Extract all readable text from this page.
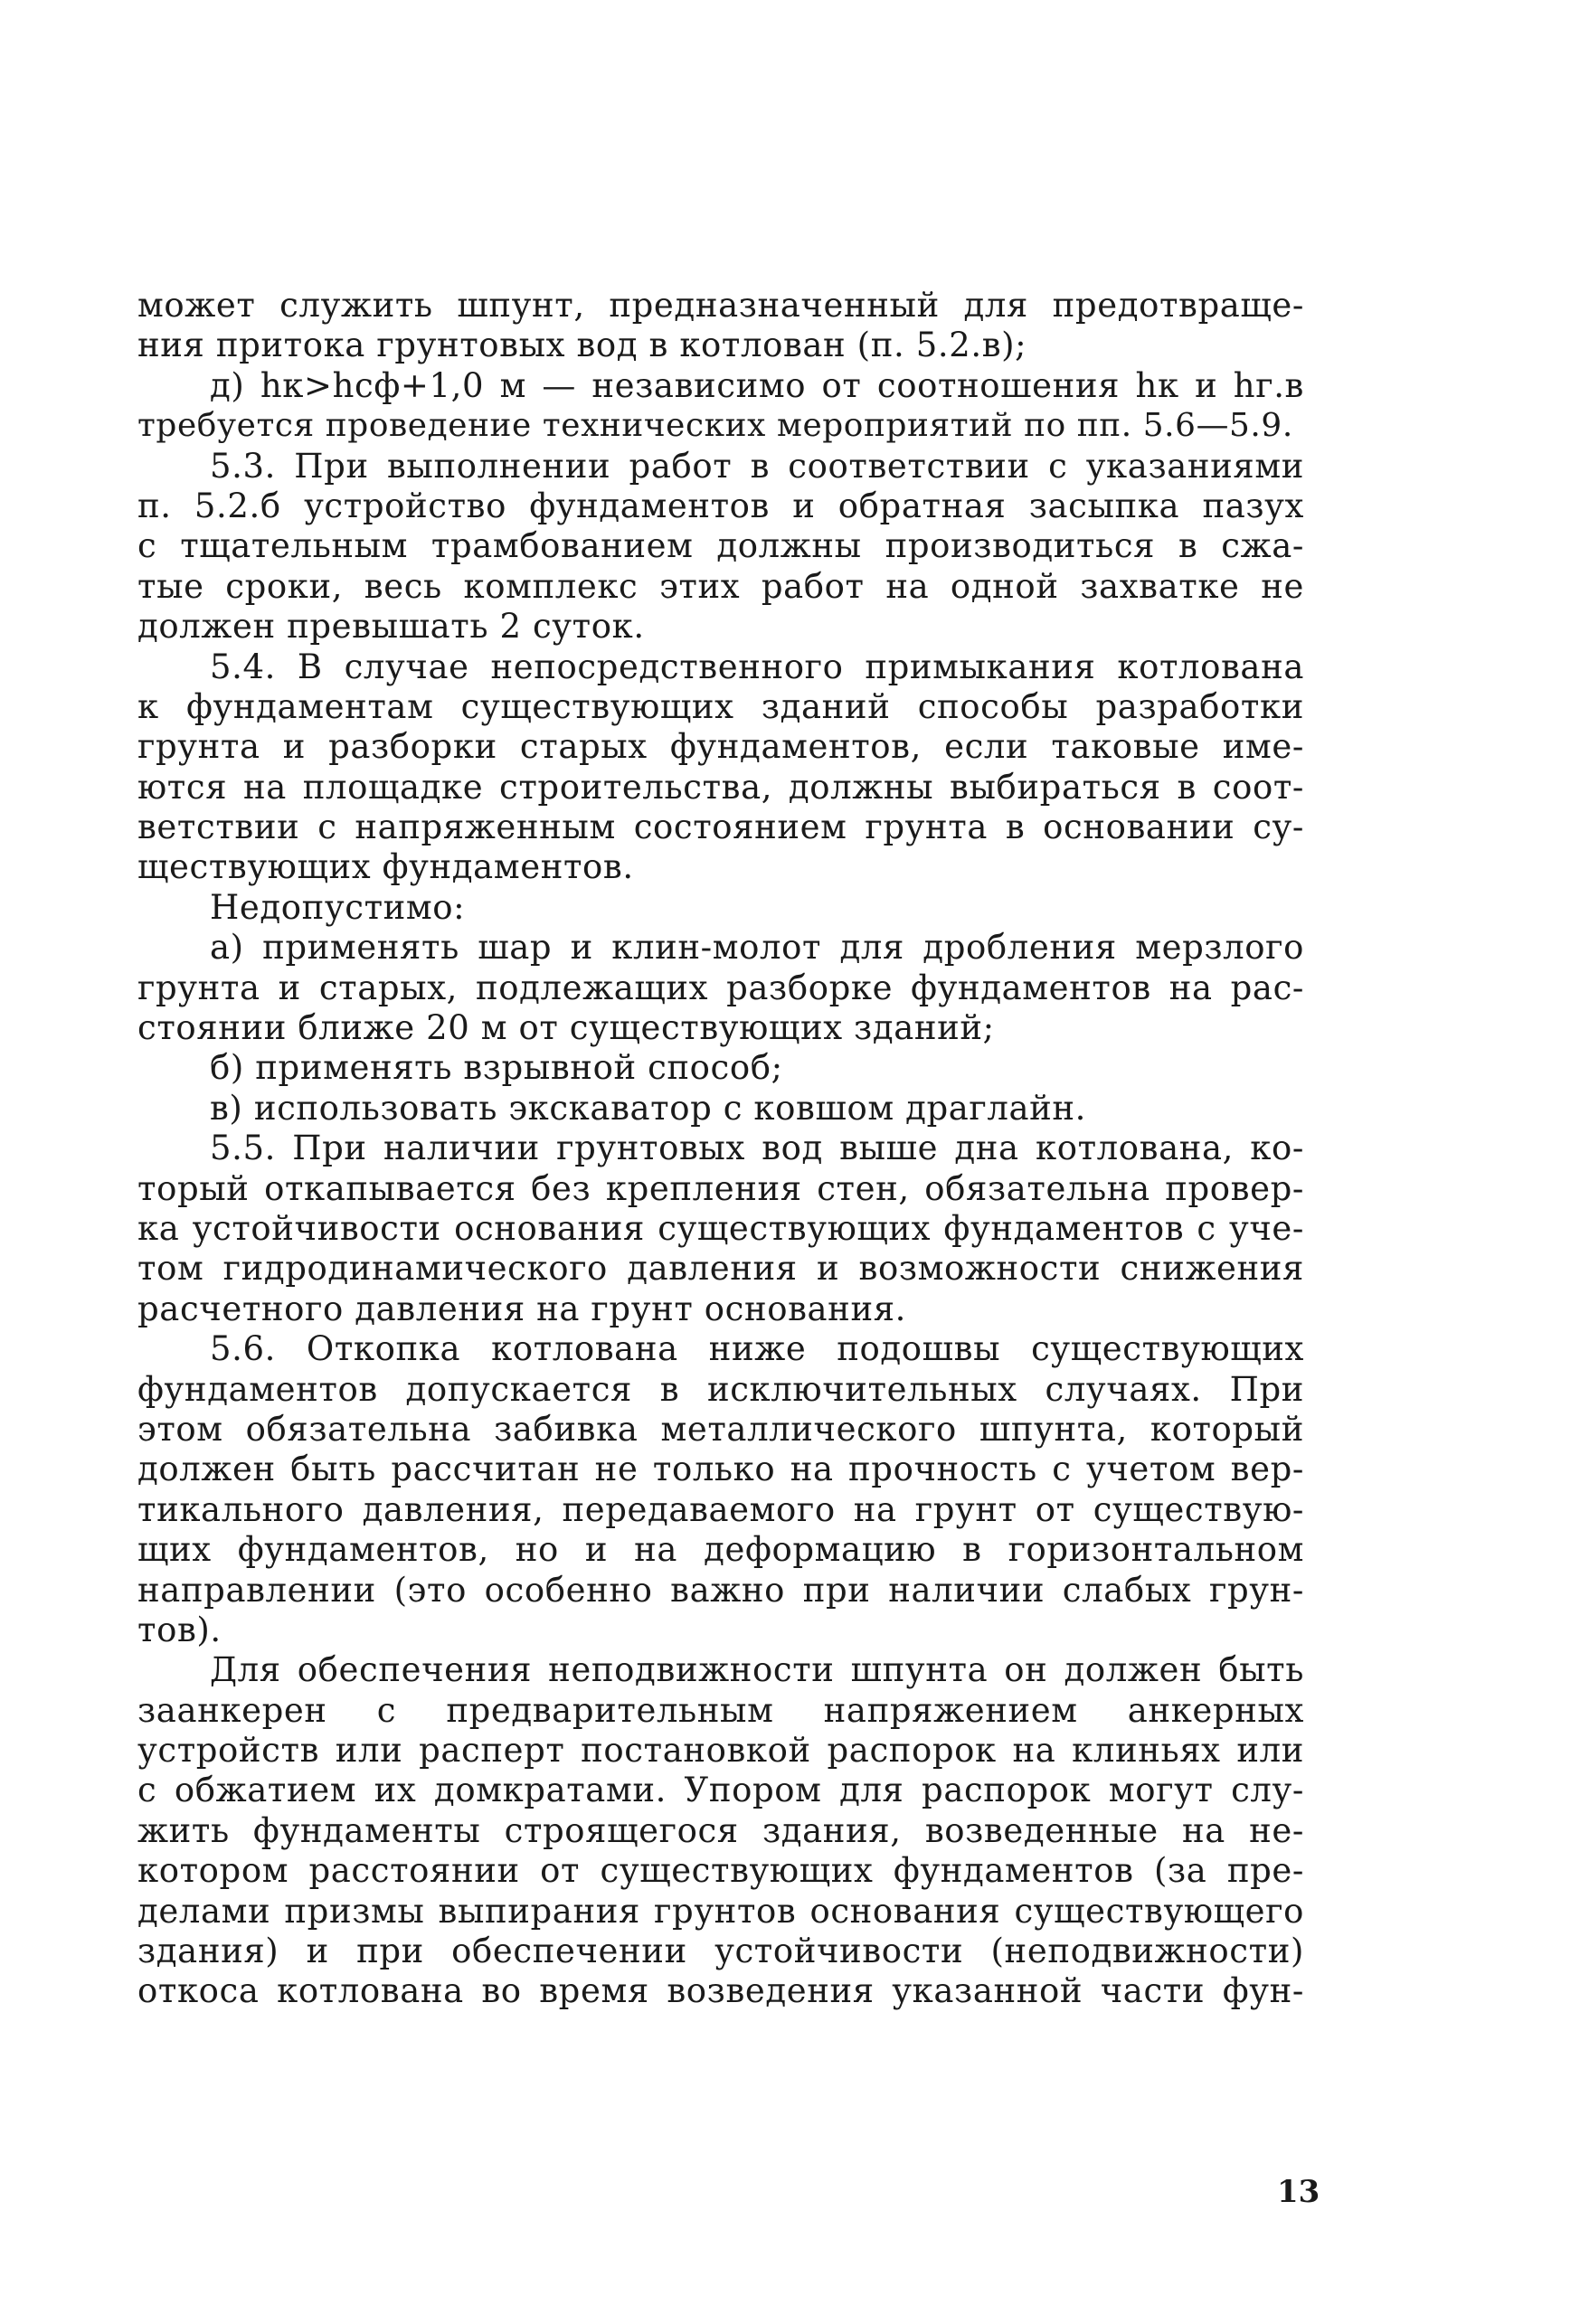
может служить шпунт, предназначенный для предотвраще-
ния притока грунтовых вод в котлован (п. 5.2.в);
д) hк>hсф+1,0 м — независимо от соотношения hк и hг.в
требуется проведение технических мероприятий по пп. 5.6—5.9.
5.3. При выполнении работ в соответствии с указаниями
п. 5.2.б устройство фундаментов и обратная засыпка пазух
с тщательным трамбованием должны производиться в сжа-
тые сроки, весь комплекс этих работ на одной захватке не
должен превышать 2 суток.
5.4. В случае непосредственного примыкания котлована
к фундаментам существующих зданий способы разработки
грунта и разборки старых фундаментов, если таковые име-
ются на площадке строительства, должны выбираться в соот-
ветствии с напряженным состоянием грунта в основании су-
ществующих фундаментов.
Недопустимо:
а) применять шар и клин-молот для дробления мерзлого
грунта и старых, подлежащих разборке фундаментов на рас-
стоянии ближе 20 м от существующих зданий;
б) применять взрывной способ;
в) использовать экскаватор с ковшом драглайн.
5.5. При наличии грунтовых вод выше дна котлована, ко-
торый откапывается без крепления стен, обязательна провер-
ка устойчивости основания существующих фундаментов с уче-
том гидродинамического давления и возможности снижения
расчетного давления на грунт основания.
5.6. Откопка котлована ниже подошвы существующих
фундаментов допускается в исключительных случаях. При
этом обязательна забивка металлического шпунта, который
должен быть рассчитан не только на прочность с учетом вер-
тикального давления, передаваемого на грунт от существую-
щих фундаментов, но и на деформацию в горизонтальном
направлении (это особенно важно при наличии слабых грун-
тов).
Для обеспечения неподвижности шпунта он должен быть
заанкерен с предварительным напряжением анкерных
устройств или расперт постановкой распорок на клиньях или
с обжатием их домкратами. Упором для распорок могут слу-
жить фундаменты строящегося здания, возведенные на не-
котором расстоянии от существующих фундаментов (за пре-
делами призмы выпирания грунтов основания существующего
здания) и при обеспечении устойчивости (неподвижности)
откоса котлована во время возведения указанной части фун-
13
